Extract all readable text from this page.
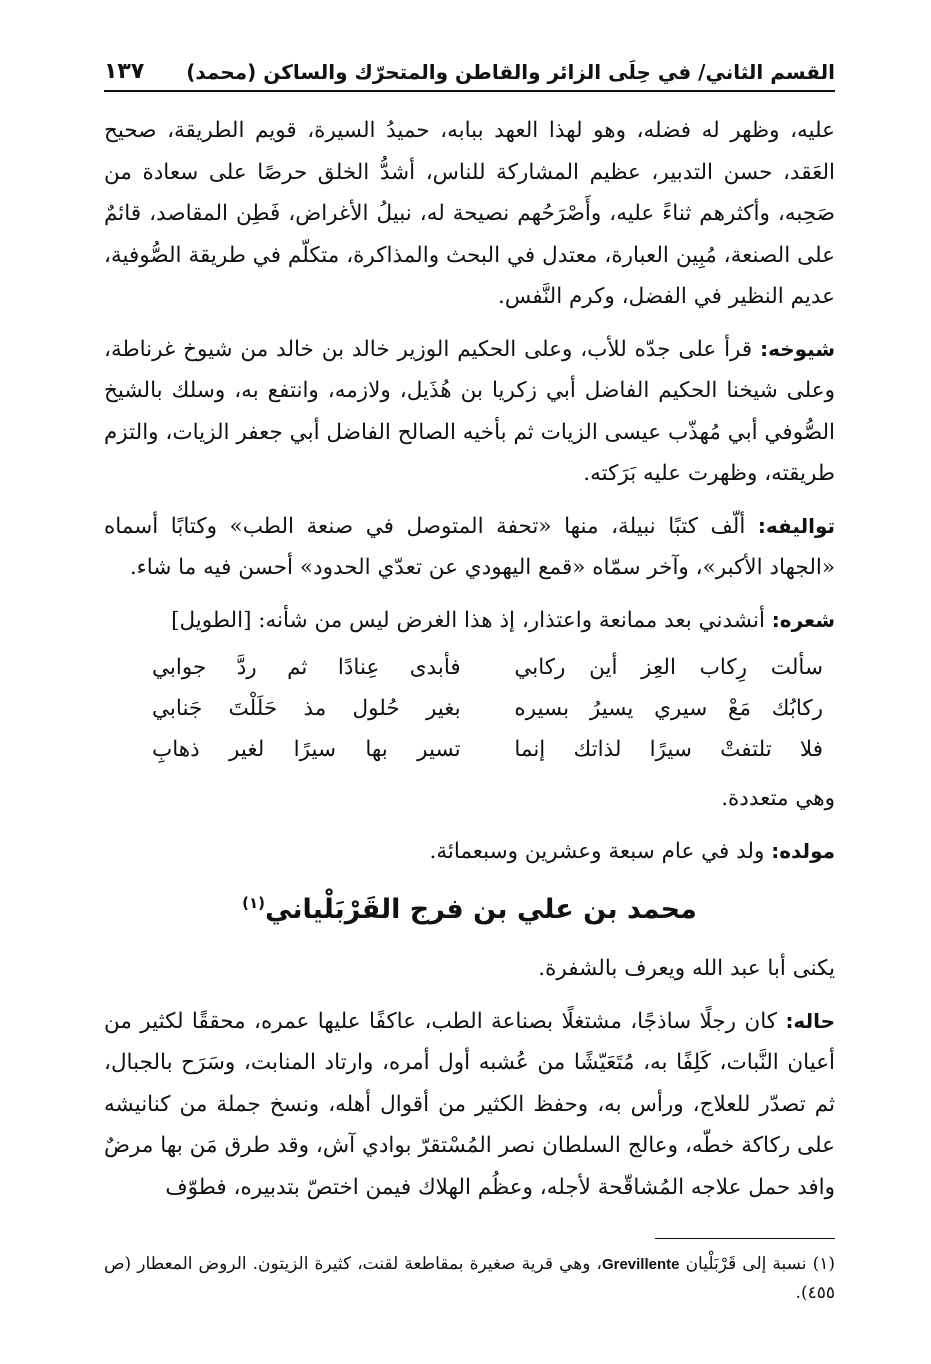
القسم الثاني/ في حِلَى الزائر والقاطن والمتحرّك والساكن (محمد)
١٣٧

عليه، وظهر له فضله، وهو لهذا العهد ببابه، حميدُ السيرة، قويم الطريقة، صحيح العَقد، حسن التدبير، عظيم المشاركة للناس، أشدُّ الخلق حرصًا على سعادة من صَحِبه، وأكثرهم ثناءً عليه، وأَصْرَحُهم نصيحة له، نبيلُ الأغراض، فَطِن المقاصد، قائمٌ على الصنعة، مُبِين العبارة، معتدل في البحث والمذاكرة، متكلّم في طريقة الصُّوفية، عديم النظير في الفضل، وكرم النَّفس.

شيوخه: قرأ على جدّه للأب، وعلى الحكيم الوزير خالد بن خالد من شيوخ غرناطة، وعلى شيخنا الحكيم الفاضل أبي زكريا بن هُذَيل، ولازمه، وانتفع به، وسلك بالشيخ الصُّوفي أبي مُهذّب عيسى الزيات ثم بأخيه الصالح الفاضل أبي جعفر الزيات، والتزم طريقته، وظهرت عليه بَرَكته.

تواليفه: ألّف كتبًا نبيلة، منها «تحفة المتوصل في صنعة الطب» وكتابًا أسماه «الجهاد الأكبر»، وآخر سمّاه «قمع اليهودي عن تعدّي الحدود» أحسن فيه ما شاء.

شعره: أنشدني بعد ممانعة واعتذار، إذ هذا الغرض ليس من شأنه: [الطويل]

سألت رِكاب العِز أين ركابي
فأبدى عِنادًا ثم ردَّ جوابي
ركابُك مَعْ سيري يسيرُ بسيره
بغير حُلول مذ حَلَلْتَ جَنابي
فلا تلتفتْ سيرًا لذاتك إنما
تسير بها سيرًا لغير ذهابِ

وهي متعددة.

مولده: ولد في عام سبعة وعشرين وسبعمائة.

محمد بن علي بن فرج القَرْبَلْياني$^{(١)}$

يكنى أبا عبد الله ويعرف بالشفرة.

حاله: كان رجلًا ساذجًا، مشتغلًا بصناعة الطب، عاكفًا عليها عمره، محققًا لكثير من أعيان النَّبات، كَلِفًا به، مُتَعَيّشًا من عُشبه أول أمره، وارتاد المنابت، وسَرَح بالجبال، ثم تصدّر للعلاج، ورأس به، وحفظ الكثير من أقوال أهله، ونسخ جملة من كنانيشه على ركاكة خطّه، وعالج السلطان نصر المُسْتقرّ بوادي آش، وقد طرق مَن بها مرضٌ وافد حمل علاجه المُشاقّحة لأجله، وعظُم الهلاك فيمن اختصّ بتدبيره، فطوّف

(١) نسبة إلى قَرْبَلْيان Grevillente، وهي قرية صغيرة بمقاطعة لقنت، كثيرة الزيتون. الروض المعطار (ص ٤٥٥).
